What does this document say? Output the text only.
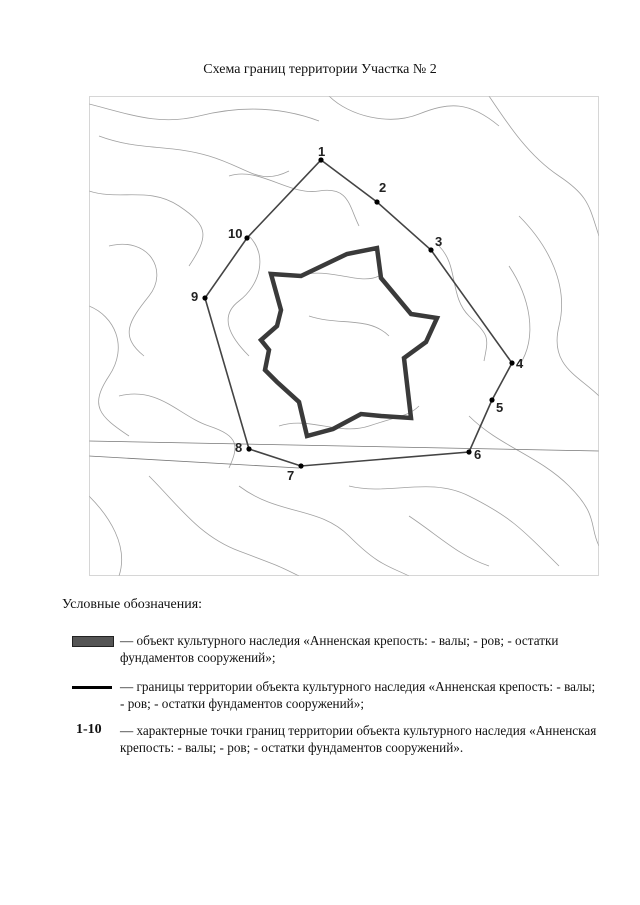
Схема границ территории Участка № 2
1
2
3
4
5
6
7
8
9
10
Условные обозначения:
— объект культурного наследия «Анненская крепость: - валы; - ров; - остатки фундаментов сооружений»;
— границы территории объекта культурного наследия «Анненская крепость: - валы; - ров; - остатки фундаментов сооружений»;
1-10	— характерные точки границ территории объекта культурного наследия «Анненская крепость: - валы; - ров; - остатки фундаментов сооружений».
